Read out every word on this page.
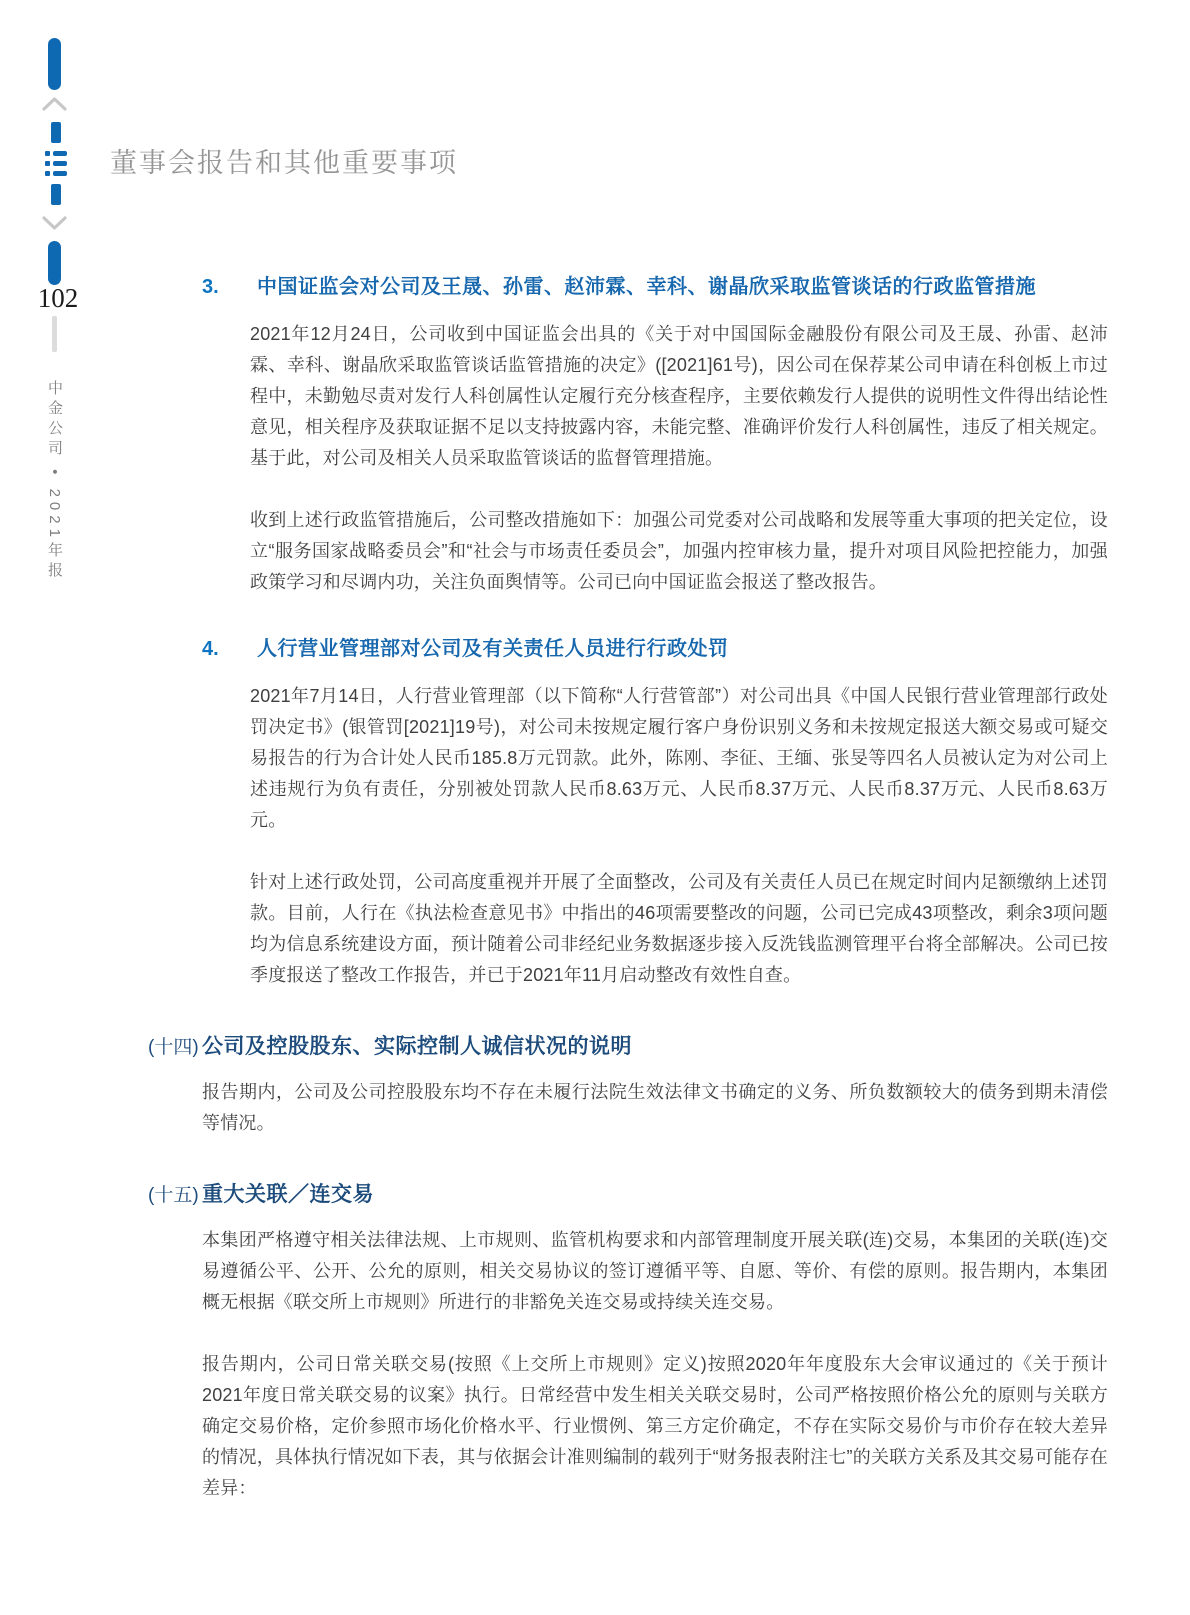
102
中金公司 • 2021年报
董事会报告和其他重要事项
3.	中国证监会对公司及王晟、孙雷、赵沛霖、幸科、谢晶欣采取监管谈话的行政监管措施

2021年12月24日，公司收到中国证监会出具的《关于对中国国际金融股份有限公司及王晟、孙雷、赵沛霖、幸科、谢晶欣采取监管谈话监管措施的决定》([2021]61号)，因公司在保荐某公司申请在科创板上市过程中，未勤勉尽责对发行人科创属性认定履行充分核查程序，主要依赖发行人提供的说明性文件得出结论性意见，相关程序及获取证据不足以支持披露内容，未能完整、准确评价发行人科创属性，违反了相关规定。基于此，对公司及相关人员采取监管谈话的监督管理措施。

收到上述行政监管措施后，公司整改措施如下：加强公司党委对公司战略和发展等重大事项的把关定位，设立“服务国家战略委员会”和“社会与市场责任委员会”，加强内控审核力量，提升对项目风险把控能力，加强政策学习和尽调内功，关注负面舆情等。公司已向中国证监会报送了整改报告。

4.	人行营业管理部对公司及有关责任人员进行行政处罚

2021年7月14日，人行营业管理部（以下简称“人行营管部”）对公司出具《中国人民银行营业管理部行政处罚决定书》(银管罚[2021]19号)，对公司未按规定履行客户身份识别义务和未按规定报送大额交易或可疑交易报告的行为合计处人民币185.8万元罚款。此外，陈刚、李征、王缅、张旻等四名人员被认定为对公司上述违规行为负有责任，分别被处罚款人民币8.63万元、人民币8.37万元、人民币8.37万元、人民币8.63万元。

针对上述行政处罚，公司高度重视并开展了全面整改，公司及有关责任人员已在规定时间内足额缴纳上述罚款。目前，人行在《执法检查意见书》中指出的46项需要整改的问题，公司已完成43项整改，剩余3项问题均为信息系统建设方面，预计随着公司非经纪业务数据逐步接入反洗钱监测管理平台将全部解决。公司已按季度报送了整改工作报告，并已于2021年11月启动整改有效性自查。

(十四) 公司及控股股东、实际控制人诚信状况的说明

报告期内，公司及公司控股股东均不存在未履行法院生效法律文书确定的义务、所负数额较大的债务到期未清偿等情况。

(十五) 重大关联／连交易

本集团严格遵守相关法律法规、上市规则、监管机构要求和内部管理制度开展关联(连)交易，本集团的关联(连)交易遵循公平、公开、公允的原则，相关交易协议的签订遵循平等、自愿、等价、有偿的原则。报告期内，本集团概无根据《联交所上市规则》所进行的非豁免关连交易或持续关连交易。

报告期内，公司日常关联交易(按照《上交所上市规则》定义)按照2020年年度股东大会审议通过的《关于预计2021年度日常关联交易的议案》执行。日常经营中发生相关关联交易时，公司严格按照价格公允的原则与关联方确定交易价格，定价参照市场化价格水平、行业惯例、第三方定价确定，不存在实际交易价与市价存在较大差异的情况，具体执行情况如下表，其与依据会计准则编制的载列于“财务报表附注七”的关联方关系及其交易可能存在差异：
